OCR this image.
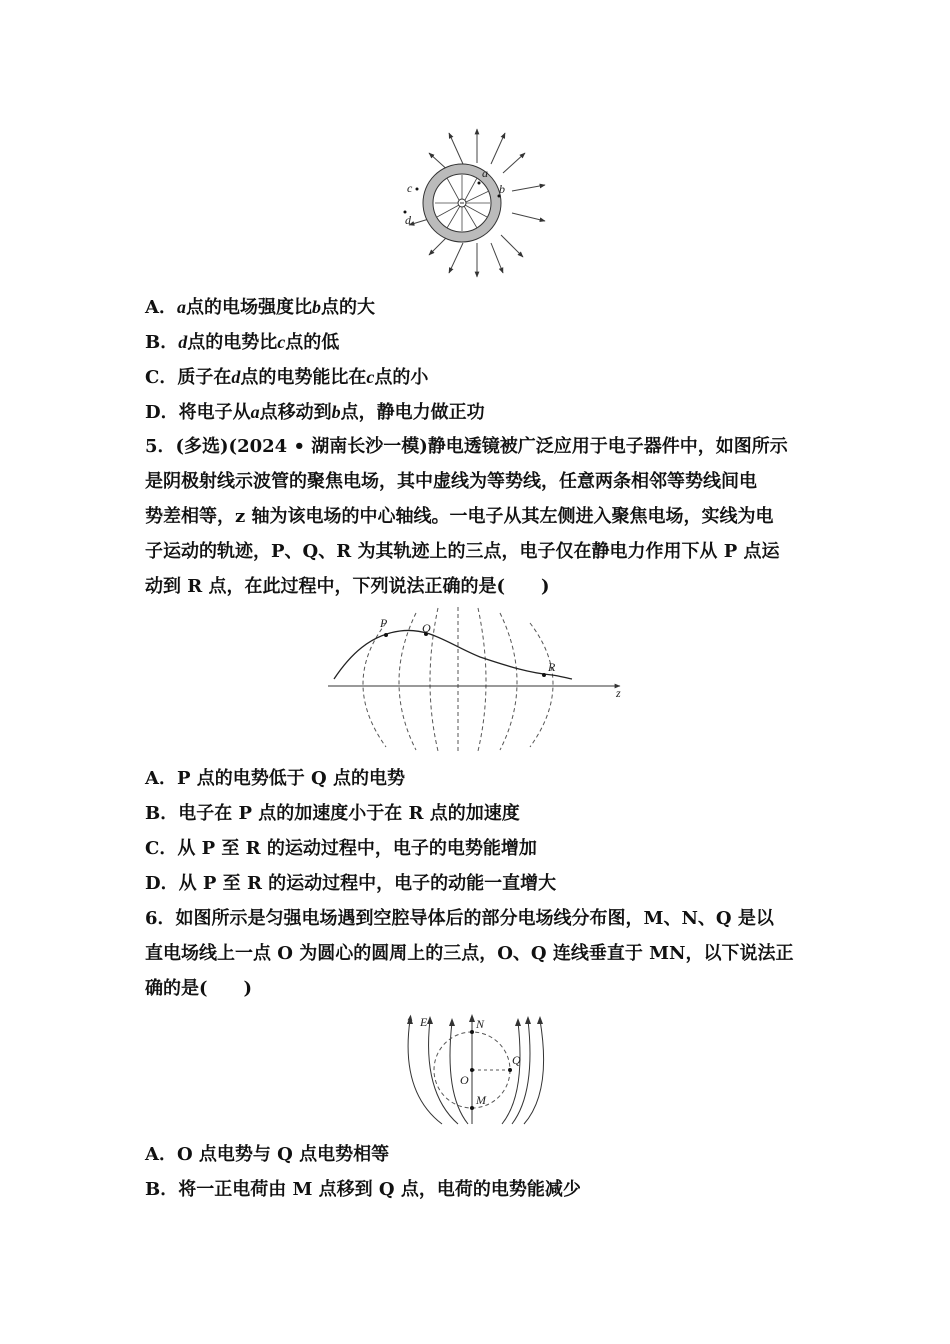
a
b
c
d
A．a点的电场强度比b点的大
B．d点的电势比c点的低
C．质子在d点的电势能比在c点的小
D．将电子从a点移动到b点，静电力做正功
5．(多选)(2024 • 湖南长沙一模)静电透镜被广泛应用于电子器件中，如图所示
是阴极射线示波管的聚焦电场，其中虚线为等势线，任意两条相邻等势线间电
势差相等，z 轴为该电场的中心轴线。一电子从其左侧进入聚焦电场，实线为电
子运动的轨迹，P、Q、R 为其轨迹上的三点，电子仅在静电力作用下从 P 点运
动到 R 点，在此过程中，下列说法正确的是(　　)
P	Q
R
z
A．P 点的电势低于 Q 点的电势
B．电子在 P 点的加速度小于在 R 点的加速度
C．从 P 至 R 的运动过程中，电子的电势能增加
D．从 P 至 R 的运动过程中，电子的动能一直增大
6．如图所示是匀强电场遇到空腔导体后的部分电场线分布图，M、N、Q 是以
直电场线上一点 O 为圆心的圆周上的三点，O、Q 连线垂直于 MN，以下说法正
确的是(　　)
E	N
Q
O
M
A．O 点电势与 Q 点电势相等
B．将一正电荷由 M 点移到 Q 点，电荷的电势能减少
